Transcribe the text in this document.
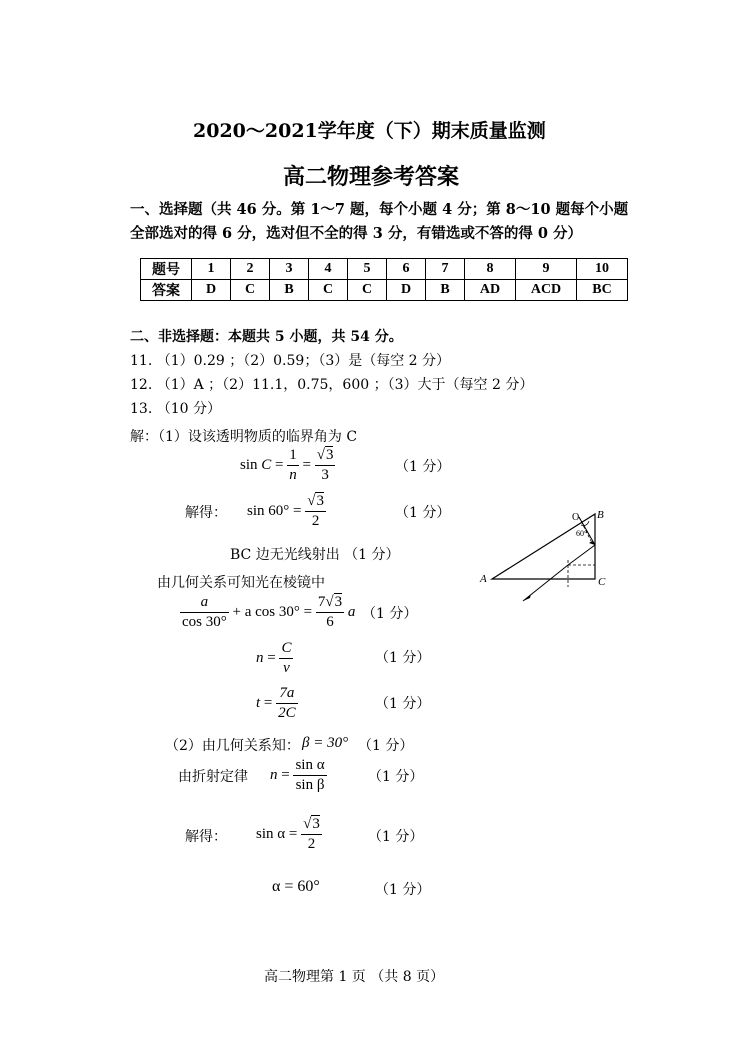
2020～2021学年度（下）期末质量监测
高二物理参考答案
一、选择题（共 46 分。第 1～7 题，每个小题 4 分；第 8～10 题每个小题
全部选对的得 6 分，选对但不全的得 3 分，有错选或不答的得 0 分）
题号	1	2	3	4	5	6	7	8	9	10
答案	D	C	B	C	C	D	B	AD	ACD	BC
二、非选择题：本题共 5 小题，共 54 分。
11. （1）0.29 ；（2）0.59；（3）是（每空 2 分）
12. （1）A ；（2）11.1，0.75，600 ；（3）大于（每空 2 分）
13. （10 分）
解：（1）设该透明物质的临界角为 C
$\sin C = \frac{1}{n} = \frac{√3}{3}$	（1 分）
解得： $\sin 60^\circ = \frac{√3}{2}$	（1 分）
BC 边无光线射出 （1 分）
由几何关系可知光在棱镜中
$\frac{a}{\cos 30^\circ} + a$ $\cos 30^\circ = \frac{7√3}{6}$ a （1 分）
$n = \frac{C}{v}$	（1 分）
$t = \frac{7a}{2C}$	（1 分）
（2）由几何关系知： β = 30° （1 分）
由折射定律 $n = \frac{\text{sin α}}{\text{sin β}}$	（1 分）
解得： $\sin \alpha = \frac{√3}{2}$	（1 分）
α = 60°	（1 分）
A
B
C
O
60°
高二物理第 1 页 （共 8 页）
